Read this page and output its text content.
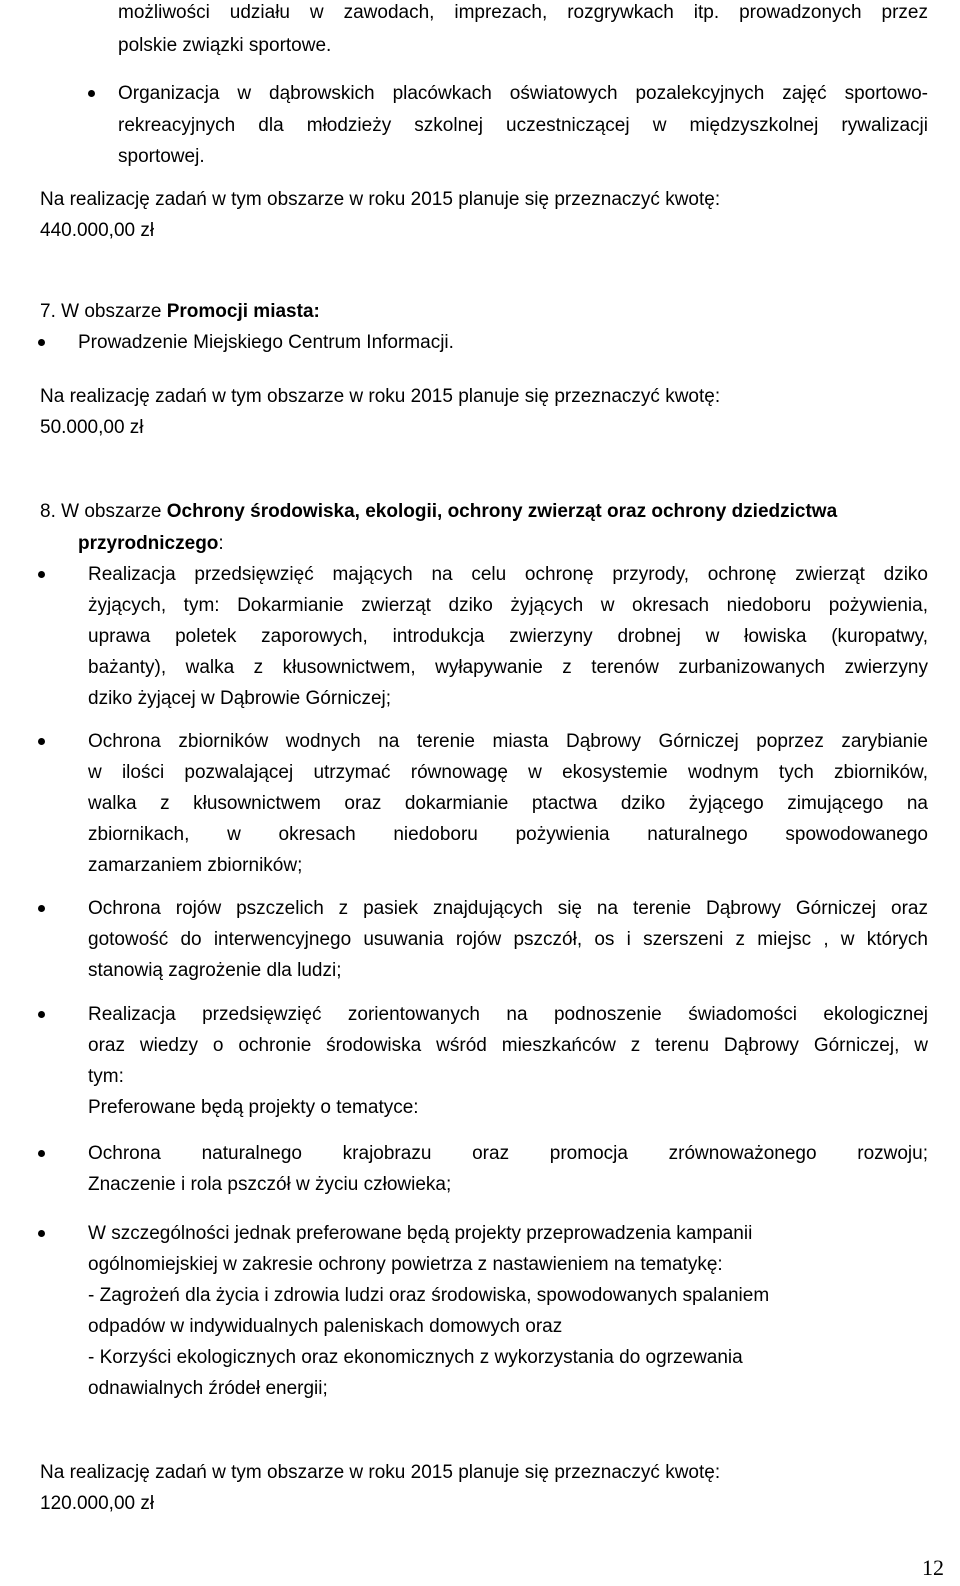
możliwości udziału w zawodach, imprezach, rozgrywkach itp. prowadzonych przez
polskie związki sportowe.
Organizacja w dąbrowskich placówkach oświatowych pozalekcyjnych zajęć sportowo-
rekreacyjnych dla młodzieży szkolnej uczestniczącej w międzyszkolnej rywalizacji
sportowej.
Na realizację zadań w tym obszarze w roku 2015 planuje się przeznaczyć kwotę:
440.000,00 zł
7. W obszarze Promocji miasta:
Prowadzenie Miejskiego Centrum Informacji.
Na realizację zadań w tym obszarze w roku 2015 planuje się przeznaczyć kwotę:
50.000,00 zł
8. W obszarze Ochrony środowiska, ekologii, ochrony zwierząt oraz ochrony dziedzictwa
przyrodniczego:
Realizacja przedsięwzięć mających na celu ochronę przyrody, ochronę zwierząt dziko
żyjących, tym: Dokarmianie zwierząt dziko żyjących w okresach niedoboru pożywienia,
uprawa poletek zaporowych, introdukcja zwierzyny drobnej w łowiska (kuropatwy,
bażanty), walka z kłusownictwem, wyłapywanie z terenów zurbanizowanych zwierzyny
dziko żyjącej w Dąbrowie Górniczej;
Ochrona zbiorników wodnych na terenie miasta Dąbrowy Górniczej poprzez zarybianie
w ilości pozwalającej utrzymać równowagę w ekosystemie wodnym tych zbiorników,
walka z kłusownictwem oraz dokarmianie ptactwa dziko żyjącego zimującego na
zbiornikach, w okresach niedoboru pożywienia naturalnego spowodowanego
zamarzaniem zbiorników;
Ochrona rojów pszczelich z pasiek znajdujących się na terenie Dąbrowy Górniczej oraz
gotowość do interwencyjnego usuwania rojów pszczół, os i szerszeni z miejsc , w których
stanowią zagrożenie dla ludzi;
Realizacja przedsięwzięć zorientowanych na podnoszenie świadomości ekologicznej
oraz wiedzy o ochronie środowiska wśród mieszkańców z terenu Dąbrowy Górniczej, w
tym:
Preferowane będą projekty o tematyce:
Ochrona naturalnego krajobrazu oraz promocja zrównoważonego rozwoju;
Znaczenie i rola pszczół w życiu człowieka;
W szczególności jednak preferowane będą projekty przeprowadzenia kampanii
ogólnomiejskiej w zakresie ochrony powietrza z nastawieniem na tematykę:
- Zagrożeń dla życia i zdrowia ludzi oraz środowiska, spowodowanych spalaniem
odpadów w indywidualnych paleniskach domowych oraz
- Korzyści ekologicznych oraz ekonomicznych z wykorzystania do ogrzewania
odnawialnych źródeł energii;
Na realizację zadań w tym obszarze w roku 2015 planuje się przeznaczyć kwotę:
120.000,00 zł
12
